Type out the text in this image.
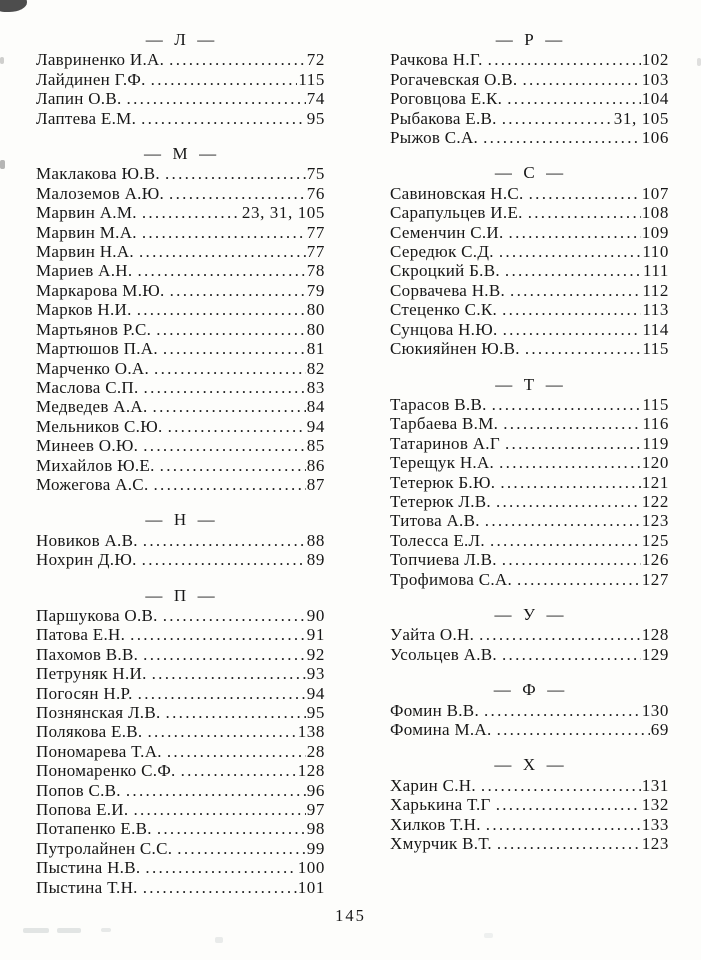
—  Л  —
Лавриненко И.А. .....	72
Лайдинен Г.Ф. .....	115
Лапин О.В. .....	74
Лаптева Е.М. .....	95
—  М  —
Маклакова Ю.В. .....	75
Малоземов А.Ю. .....	76
Марвин А.М. .....	23, 31, 105
Марвин М.А. .....	77
Марвин Н.А. .....	77
Мариев А.Н. .....	78
Маркарова М.Ю. .....	79
Марков Н.И. .....	80
Мартьянов Р.С. .....	80
Мартюшов П.А. .....	81
Марченко О.А. .....	82
Маслова С.П. .....	83
Медведев А.А. .....	84
Мельников С.Ю. .....	94
Минеев О.Ю. .....	85
Михайлов Ю.Е. .....	86
Можегова А.С. .....	87
—  Н  —
Новиков А.В. .....	88
Нохрин Д.Ю. .....	89
—  П  —
Паршукова О.В. .....	90
Патова Е.Н. .....	91
Пахомов В.В. .....	92
Петруняк Н.И. .....	93
Погосян Н.Р. .....	94
Познянская Л.В. .....	95
Полякова Е.В. .....	138
Пономарева Т.А. .....	28
Пономаренко С.Ф. .....	128
Попов С.В. .....	96
Попова Е.И. .....	97
Потапенко Е.В. .....	98
Путролайнен С.С. .....	99
Пыстина Н.В. .....	100
Пыстина Т.Н. .....	101
—  Р  —
Рачкова Н.Г. .....	102
Рогачевская О.В. .....	103
Роговцова Е.К. .....	104
Рыбакова Е.В. .....	31, 105
Рыжов С.А. .....	106
—  С  —
Савиновская Н.С. .....	107
Сарапульцев И.Е. .....	108
Семенчин С.И. .....	109
Середюк С.Д. .....	110
Скроцкий Б.В. .....	111
Сорвачева Н.В. .....	112
Стеценко С.К. .....	113
Сунцова Н.Ю. .....	114
Сюкияйнен Ю.В. .....	115
—  Т  —
Тарасов В.В. .....	115
Тарбаева В.М. .....	116
Татаринов А.Г .....	119
Терещук Н.А. .....	120
Тетерюк Б.Ю. .....	121
Тетерюк Л.В. .....	122
Титова А.В. .....	123
Толесса Е.Л. .....	125
Топчиева Л.В. .....	126
Трофимова С.А. .....	127
—  У  —
Уайта О.Н. .....	128
Усольцев А.В. .....	129
—  Ф  —
Фомин В.В. .....	130
Фомина М.А. .....	69
—  Х  —
Харин С.Н. .....	131
Харькина Т.Г .....	132
Хилков Т.Н. .....	133
Хмурчик В.Т. .....	123
145
